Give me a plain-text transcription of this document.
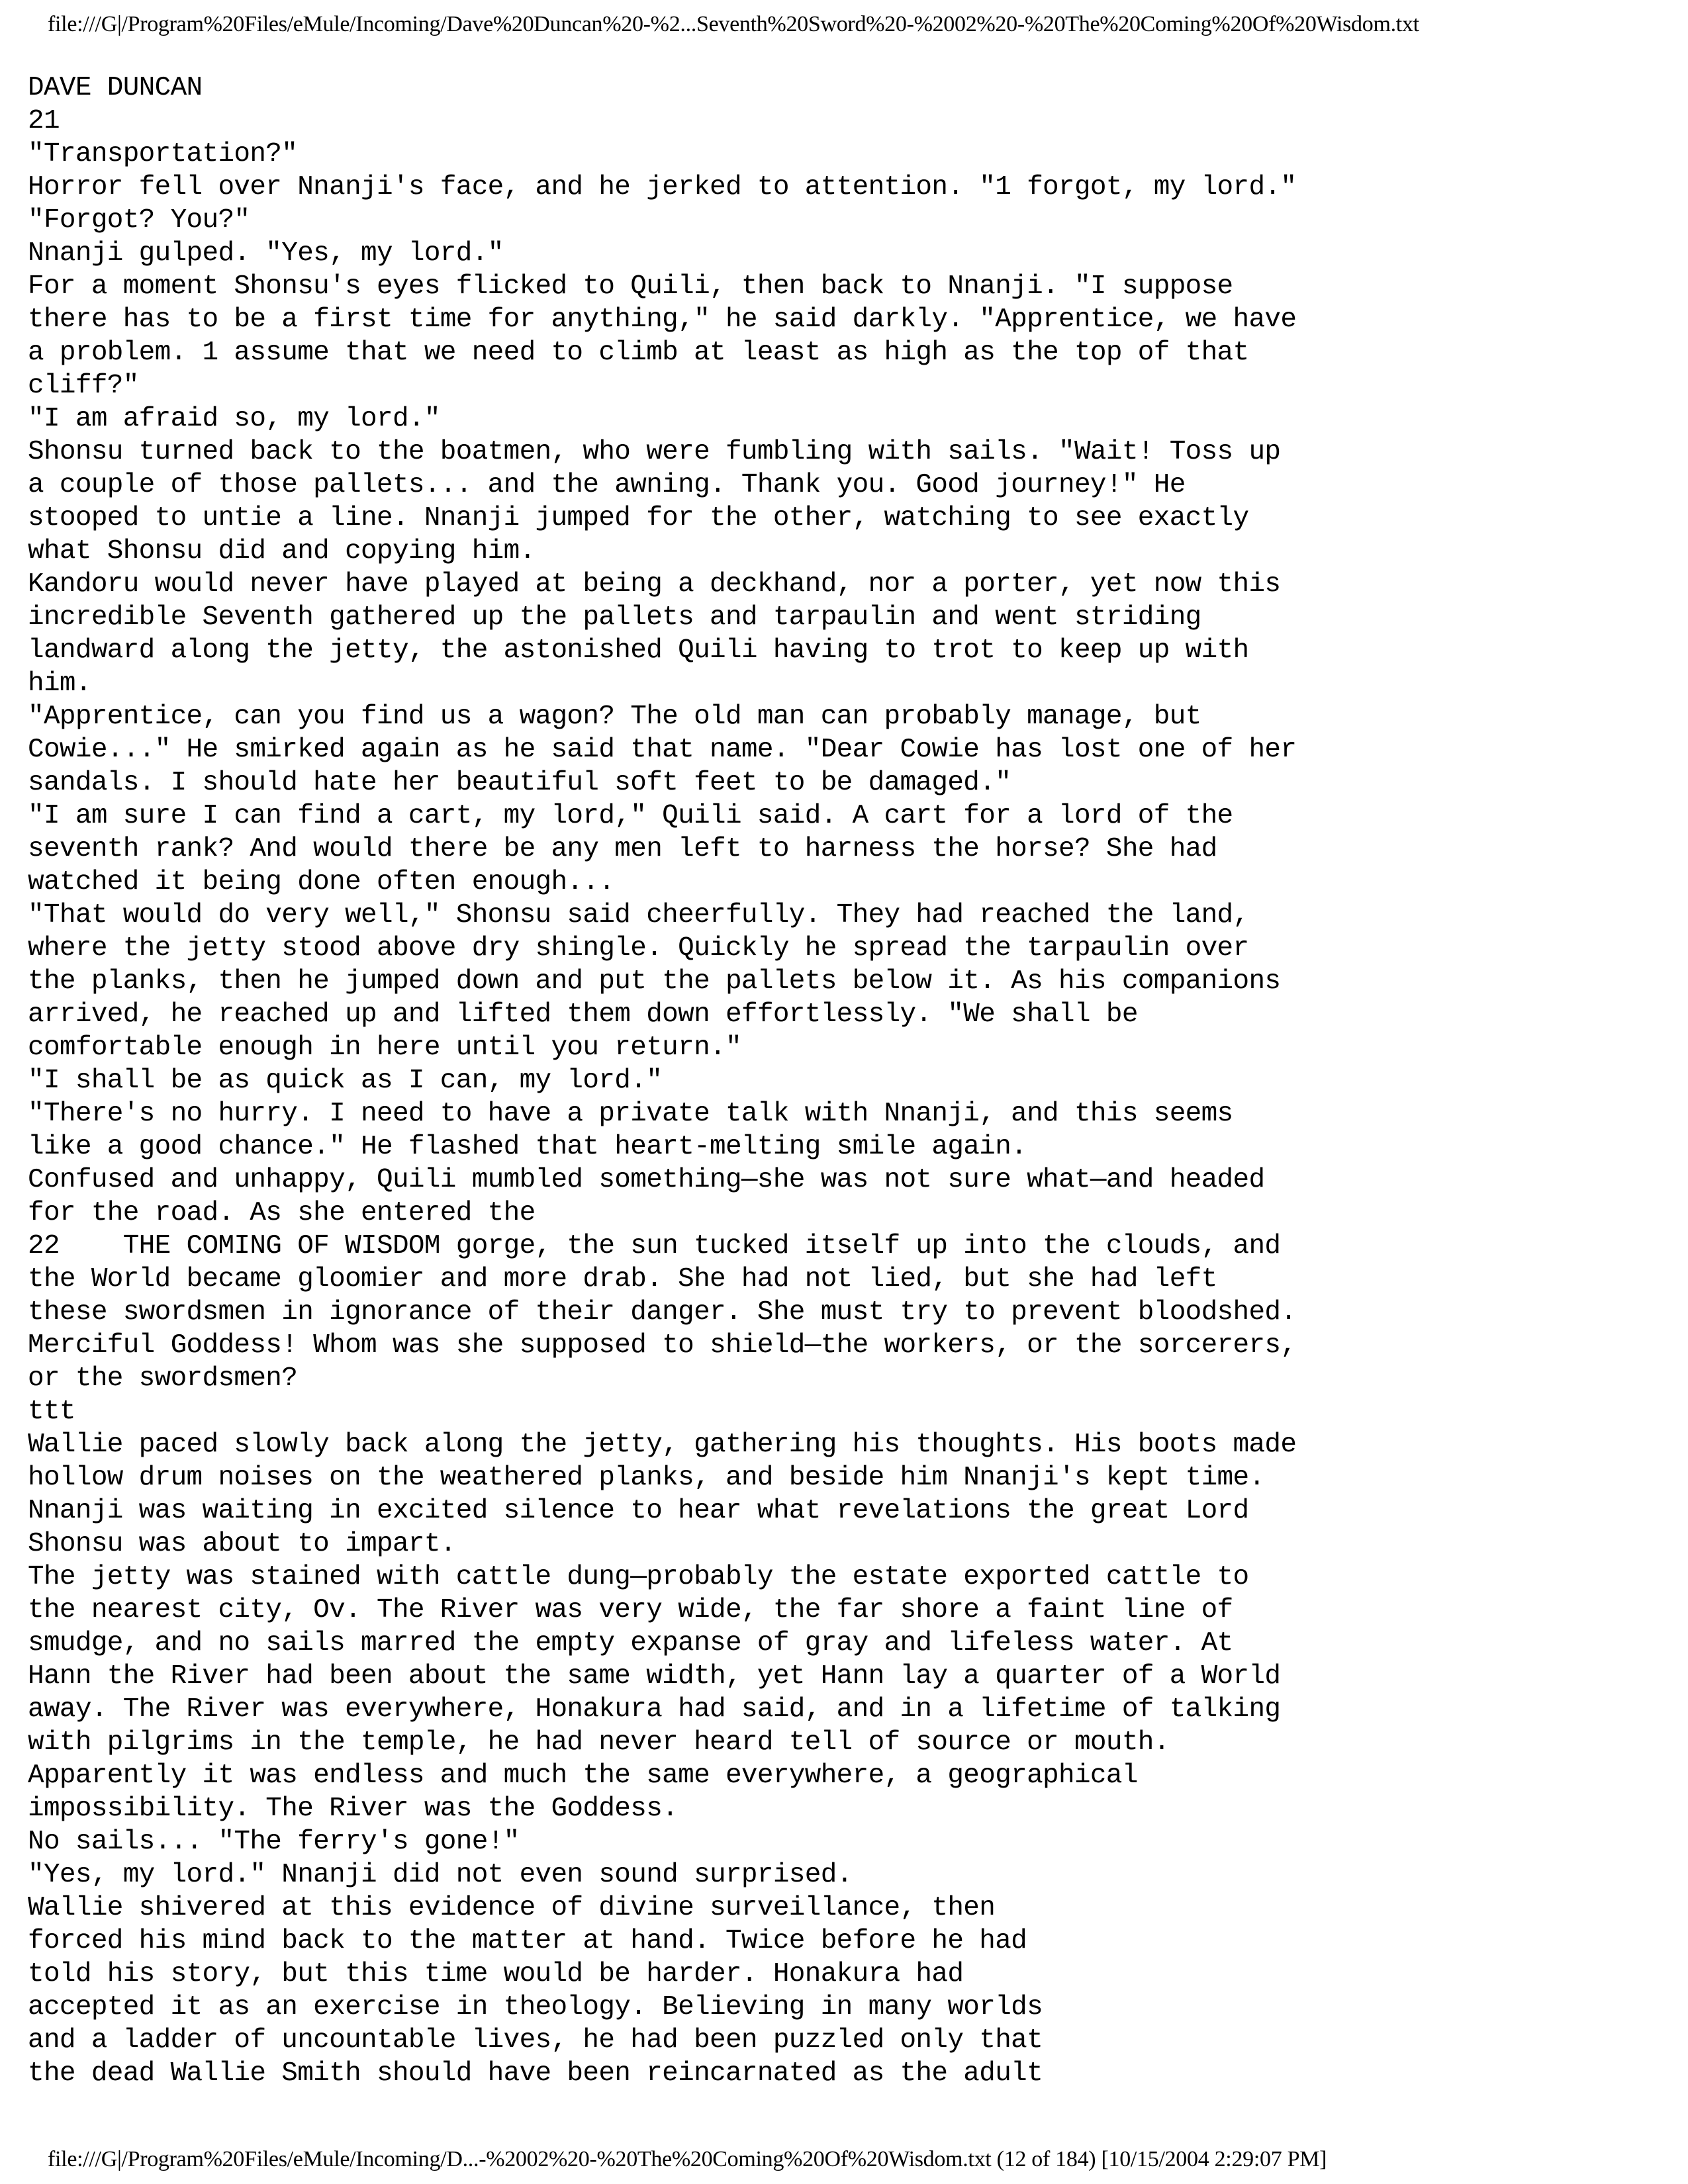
file:///G|/Program%20Files/eMule/Incoming/Dave%20Duncan%20-%2...Seventh%20Sword%20-%2002%20-%20The%20Coming%20Of%20Wisdom.txt
DAVE DUNCAN
21
"Transportation?"
Horror fell over Nnanji's face, and he jerked to attention. "1 forgot, my lord."
"Forgot? You?"
Nnanji gulped. "Yes, my lord."
For a moment Shonsu's eyes flicked to Quili, then back to Nnanji. "I suppose
there has to be a first time for anything," he said darkly. "Apprentice, we have
a problem. 1 assume that we need to climb at least as high as the top of that
cliff?"
"I am afraid so, my lord."
Shonsu turned back to the boatmen, who were fumbling with sails. "Wait! Toss up
a couple of those pallets... and the awning. Thank you. Good journey!" He
stooped to untie a line. Nnanji jumped for the other, watching to see exactly
what Shonsu did and copying him.
Kandoru would never have played at being a deckhand, nor a porter, yet now this
incredible Seventh gathered up the pallets and tarpaulin and went striding
landward along the jetty, the astonished Quili having to trot to keep up with
him.
"Apprentice, can you find us a wagon? The old man can probably manage, but
Cowie..." He smirked again as he said that name. "Dear Cowie has lost one of her
sandals. I should hate her beautiful soft feet to be damaged."
"I am sure I can find a cart, my lord," Quili said. A cart for a lord of the
seventh rank? And would there be any men left to harness the horse? She had
watched it being done often enough...
"That would do very well," Shonsu said cheerfully. They had reached the land,
where the jetty stood above dry shingle. Quickly he spread the tarpaulin over
the planks, then he jumped down and put the pallets below it. As his companions
arrived, he reached up and lifted them down effortlessly. "We shall be
comfortable enough in here until you return."
"I shall be as quick as I can, my lord."
"There's no hurry. I need to have a private talk with Nnanji, and this seems
like a good chance." He flashed that heart-melting smile again.
Confused and unhappy, Quili mumbled something—she was not sure what—and headed
for the road. As she entered the
22    THE COMING OF WISDOM gorge, the sun tucked itself up into the clouds, and
the World became gloomier and more drab. She had not lied, but she had left
these swordsmen in ignorance of their danger. She must try to prevent bloodshed.
Merciful Goddess! Whom was she supposed to shield—the workers, or the sorcerers,
or the swordsmen?
ttt
Wallie paced slowly back along the jetty, gathering his thoughts. His boots made
hollow drum noises on the weathered planks, and beside him Nnanji's kept time.
Nnanji was waiting in excited silence to hear what revelations the great Lord
Shonsu was about to impart.
The jetty was stained with cattle dung—probably the estate exported cattle to
the nearest city, Ov. The River was very wide, the far shore a faint line of
smudge, and no sails marred the empty expanse of gray and lifeless water. At
Hann the River had been about the same width, yet Hann lay a quarter of a World
away. The River was everywhere, Honakura had said, and in a lifetime of talking
with pilgrims in the temple, he had never heard tell of source or mouth.
Apparently it was endless and much the same everywhere, a geographical
impossibility. The River was the Goddess.
No sails... "The ferry's gone!"
"Yes, my lord." Nnanji did not even sound surprised.
Wallie shivered at this evidence of divine surveillance, then
forced his mind back to the matter at hand. Twice before he had
told his story, but this time would be harder. Honakura had
accepted it as an exercise in theology. Believing in many worlds
and a ladder of uncountable lives, he had been puzzled only that
the dead Wallie Smith should have been reincarnated as the adult
file:///G|/Program%20Files/eMule/Incoming/D...-%2002%20-%20The%20Coming%20Of%20Wisdom.txt (12 of 184) [10/15/2004 2:29:07 PM]
